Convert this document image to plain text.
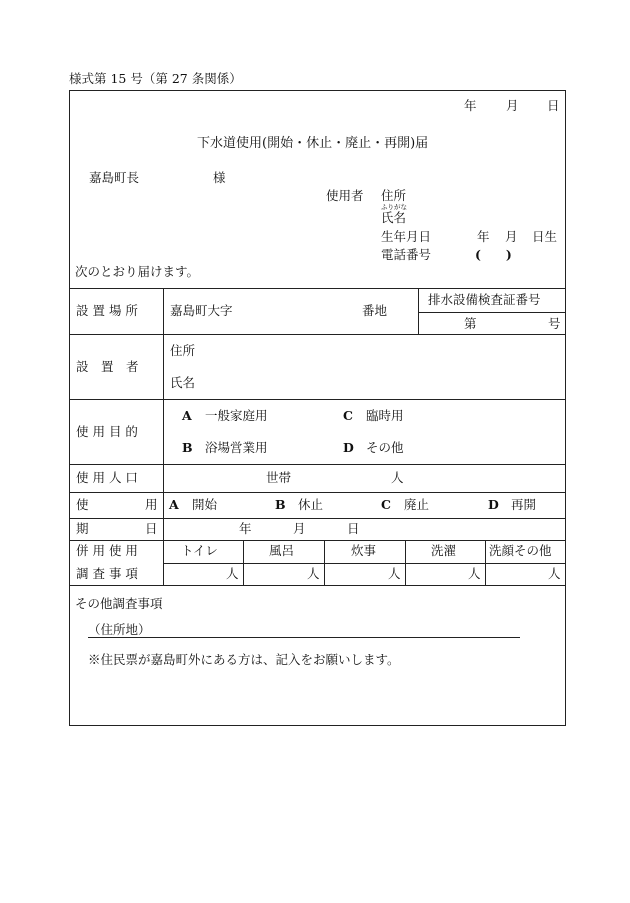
様式第 15 号（第 27 条関係）
年 月 日
下水道使用(開始・休止・廃止・再開)届
嘉島町長	様
使用者 住所
ふりがな
氏名
生年月日	年 月 日生
電話番号	(　　)
次のとおり届けます。
設 置 場 所	嘉島町大字	番地
排水設備検査証番号
第	号
設　置　者
住所
氏名
使 用 目 的
A 一般家庭用	C 臨時用
B 浴場営業用	D その他
使 用 人 口	世帯	人
使	用 A 開始	B 休止	C 廃止	D 再開
期	日	年	月	日
併 用 使 用
調 査 事 項
トイレ	風呂	炊事	洗濯	洗顔その他
人	人	人	人	人
その他調査事項
（住所地）
※住民票が嘉島町外にある方は、記入をお願いします。
